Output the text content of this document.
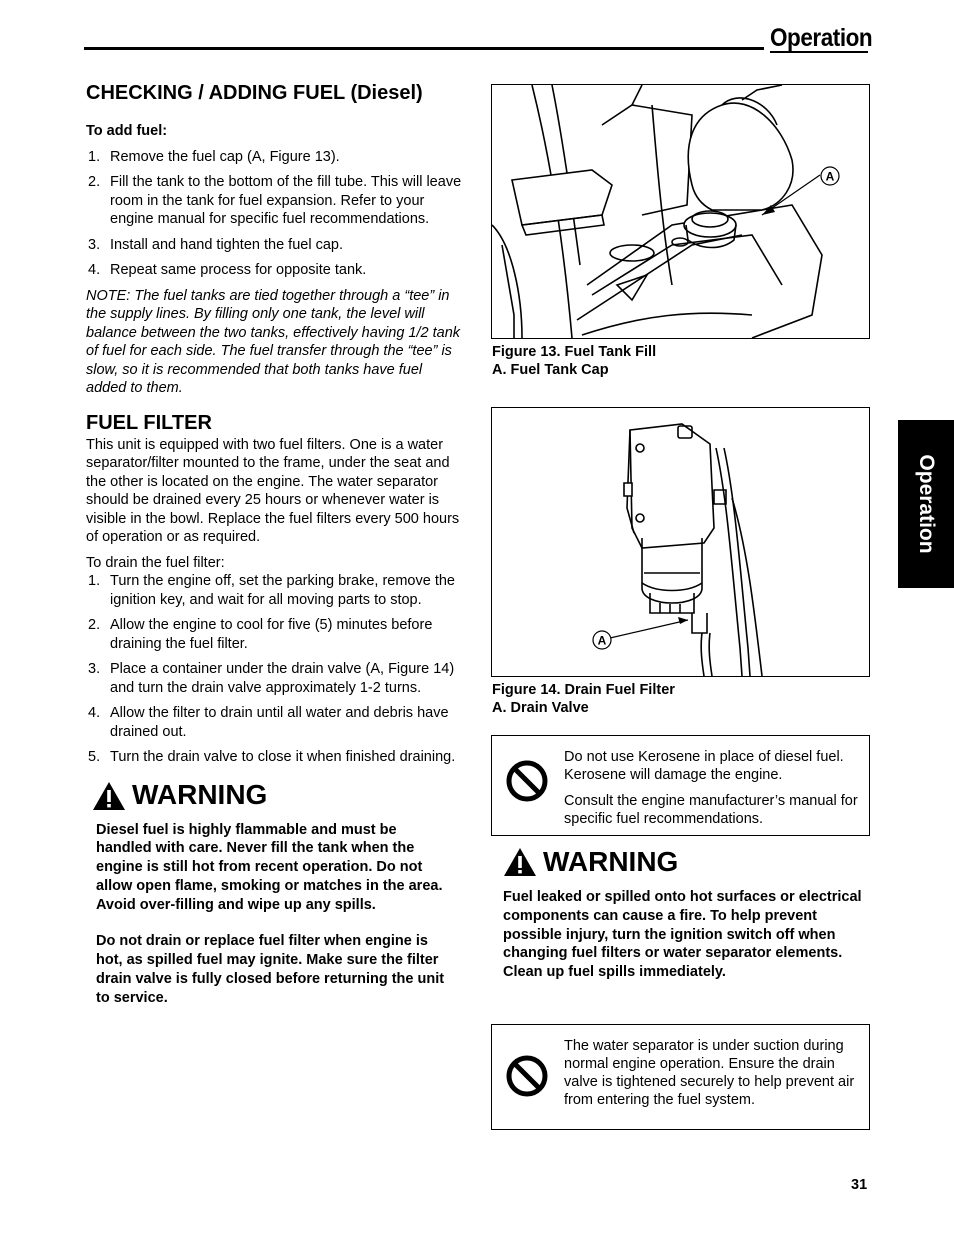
Operation
Operation
CHECKING / ADDING FUEL (Diesel)

To add fuel:

1. Remove the fuel cap (A, Figure 13).
2. Fill the tank to the bottom of the fill tube. This will leave room in the tank for fuel expansion. Refer to your engine manual for specific fuel recommendations.
3. Install and hand tighten the fuel cap.
4. Repeat same process for opposite tank.

NOTE: The fuel tanks are tied together through a “tee” in the supply lines. By filling only one tank, the level will balance between the two tanks, effectively having 1/2 tank of fuel for each side. The fuel transfer through the “tee” is slow, so it is recommended that both tanks have fuel added to them.

FUEL FILTER

This unit is equipped with two fuel filters. One is a water separator/filter mounted to the frame, under the seat and the other is located on the engine. The water separator should be drained every 25 hours or whenever water is visible in the bowl. Replace the fuel filters every 500 hours of operation or as required.

To drain the fuel filter:

1. Turn the engine off, set the parking brake, remove the ignition key, and wait for all moving parts to stop.
2. Allow the engine to cool for five (5) minutes before draining the fuel filter.
3. Place a container under the drain valve (A, Figure 14) and turn the drain valve approximately 1-2 turns.
4. Allow the filter to drain until all water and debris have drained out.
5. Turn the drain valve to close it when finished draining.
WARNING

Diesel fuel is highly flammable and must be handled with care. Never fill the tank when the engine is still hot from recent operation. Do not allow open flame, smoking or matches in the area. Avoid over-filling and wipe up any spills.

Do not drain or replace fuel filter when engine is hot, as spilled fuel may ignite. Make sure the filter drain valve is fully closed before returning the unit to service.

A
Figure 13. Fuel Tank Fill
A. Fuel Tank Cap
A
Figure 14. Drain Fuel Filter
A. Drain Valve

Do not use Kerosene in place of diesel fuel. Kerosene will damage the engine.

Consult the engine manufacturer’s manual for specific fuel recommendations.

WARNING
Fuel leaked or spilled onto hot surfaces or electrical components can cause a fire. To help prevent possible injury, turn the ignition switch off when changing fuel filters or water separator elements. Clean up fuel spills immediately.
The water separator is under suction during normal engine operation. Ensure the drain valve is tightened securely to help prevent air from entering the fuel system.
31
